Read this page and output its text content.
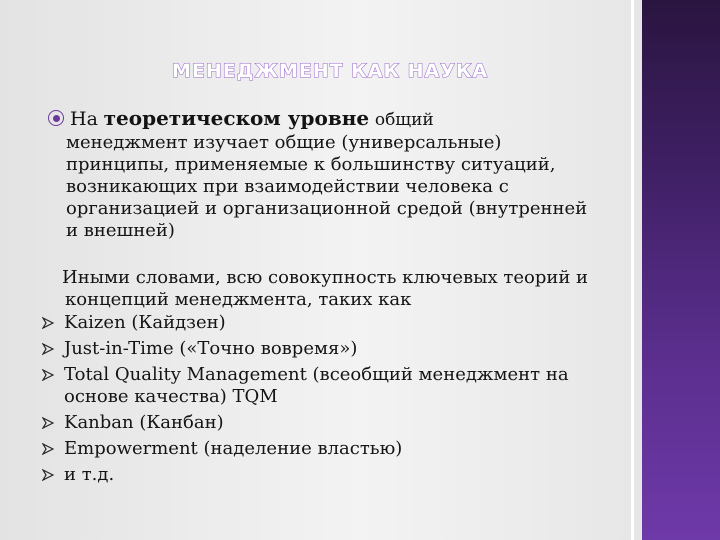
МЕНЕДЖМЕНТ КАК НАУКА
На
теоретическом уровне
общий
менеджмент изучает общие (универсальные)
принципы, применяемые к большинству ситуаций,
возникающих при взаимодействии человека с
организацией и организационной средой (внутренней
и внешней)
Иными словами, всю совокупность ключевых теорий и
концепций менеджмента, таких как
Kaizen (Кайдзен)
Just-in-Time («Точно вовремя»)
Total Quality Management (всеобщий менеджмент на
основе качества) TQM
Kanban (Канбан)
Empowerment (наделение властью)
и т.д.
